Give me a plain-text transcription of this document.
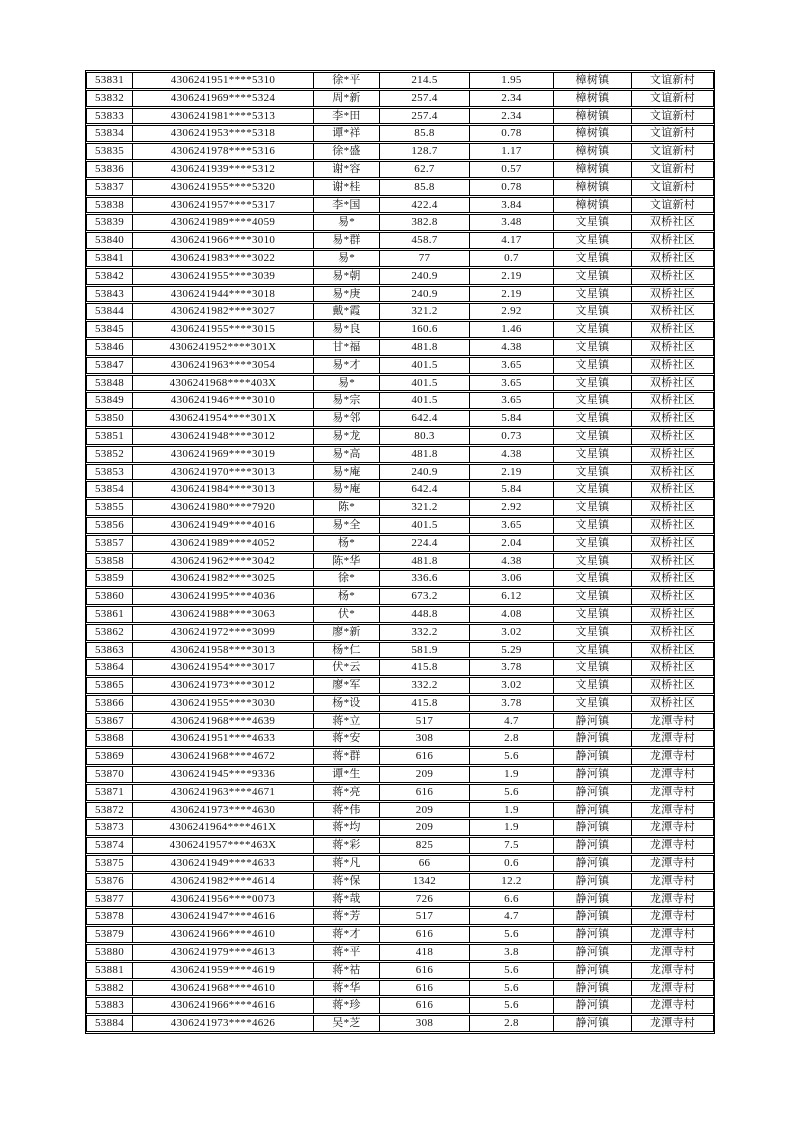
53831	4306241951****5310	徐*平	214.5	1.95	樟树镇	文谊新村
53832	4306241969****5324	周*新	257.4	2.34	樟树镇	文谊新村
53833	4306241981****5313	李*田	257.4	2.34	樟树镇	文谊新村
53834	4306241953****5318	谭*祥	85.8	0.78	樟树镇	文谊新村
53835	4306241978****5316	徐*盛	128.7	1.17	樟树镇	文谊新村
53836	4306241939****5312	谢*容	62.7	0.57	樟树镇	文谊新村
53837	4306241955****5320	谢*桂	85.8	0.78	樟树镇	文谊新村
53838	4306241957****5317	李*国	422.4	3.84	樟树镇	文谊新村
53839	4306241989****4059	易*	382.8	3.48	文星镇	双桥社区
53840	4306241966****3010	易*群	458.7	4.17	文星镇	双桥社区
53841	4306241983****3022	易*	77	0.7	文星镇	双桥社区
53842	4306241955****3039	易*朝	240.9	2.19	文星镇	双桥社区
53843	4306241944****3018	易*庚	240.9	2.19	文星镇	双桥社区
53844	4306241982****3027	戴*霞	321.2	2.92	文星镇	双桥社区
53845	4306241955****3015	易*良	160.6	1.46	文星镇	双桥社区
53846	4306241952****301X	甘*福	481.8	4.38	文星镇	双桥社区
53847	4306241963****3054	易*才	401.5	3.65	文星镇	双桥社区
53848	4306241968****403X	易*	401.5	3.65	文星镇	双桥社区
53849	4306241946****3010	易*宗	401.5	3.65	文星镇	双桥社区
53850	4306241954****301X	易*邻	642.4	5.84	文星镇	双桥社区
53851	4306241948****3012	易*龙	80.3	0.73	文星镇	双桥社区
53852	4306241969****3019	易*高	481.8	4.38	文星镇	双桥社区
53853	4306241970****3013	易*庵	240.9	2.19	文星镇	双桥社区
53854	4306241984****3013	易*庵	642.4	5.84	文星镇	双桥社区
53855	4306241980****7920	陈*	321.2	2.92	文星镇	双桥社区
53856	4306241949****4016	易*全	401.5	3.65	文星镇	双桥社区
53857	4306241989****4052	杨*	224.4	2.04	文星镇	双桥社区
53858	4306241962****3042	陈*华	481.8	4.38	文星镇	双桥社区
53859	4306241982****3025	徐*	336.6	3.06	文星镇	双桥社区
53860	4306241995****4036	杨*	673.2	6.12	文星镇	双桥社区
53861	4306241988****3063	伏*	448.8	4.08	文星镇	双桥社区
53862	4306241972****3099	廖*新	332.2	3.02	文星镇	双桥社区
53863	4306241958****3013	杨*仁	581.9	5.29	文星镇	双桥社区
53864	4306241954****3017	伏*云	415.8	3.78	文星镇	双桥社区
53865	4306241973****3012	廖*军	332.2	3.02	文星镇	双桥社区
53866	4306241955****3030	杨*设	415.8	3.78	文星镇	双桥社区
53867	4306241968****4639	蒋*立	517	4.7	静河镇	龙潭寺村
53868	4306241951****4633	蒋*安	308	2.8	静河镇	龙潭寺村
53869	4306241968****4672	蒋*群	616	5.6	静河镇	龙潭寺村
53870	4306241945****9336	谭*生	209	1.9	静河镇	龙潭寺村
53871	4306241963****4671	蒋*亮	616	5.6	静河镇	龙潭寺村
53872	4306241973****4630	蒋*伟	209	1.9	静河镇	龙潭寺村
53873	4306241964****461X	蒋*均	209	1.9	静河镇	龙潭寺村
53874	4306241957****463X	蒋*彩	825	7.5	静河镇	龙潭寺村
53875	4306241949****4633	蒋*凡	66	0.6	静河镇	龙潭寺村
53876	4306241982****4614	蒋*保	1342	12.2	静河镇	龙潭寺村
53877	4306241956****0073	蒋*哉	726	6.6	静河镇	龙潭寺村
53878	4306241947****4616	蒋*芳	517	4.7	静河镇	龙潭寺村
53879	4306241966****4610	蒋*才	616	5.6	静河镇	龙潭寺村
53880	4306241979****4613	蒋*平	418	3.8	静河镇	龙潭寺村
53881	4306241959****4619	蒋*祜	616	5.6	静河镇	龙潭寺村
53882	4306241968****4610	蒋*华	616	5.6	静河镇	龙潭寺村
53883	4306241966****4616	蒋*珍	616	5.6	静河镇	龙潭寺村
53884	4306241973****4626	吴*芝	308	2.8	静河镇	龙潭寺村
